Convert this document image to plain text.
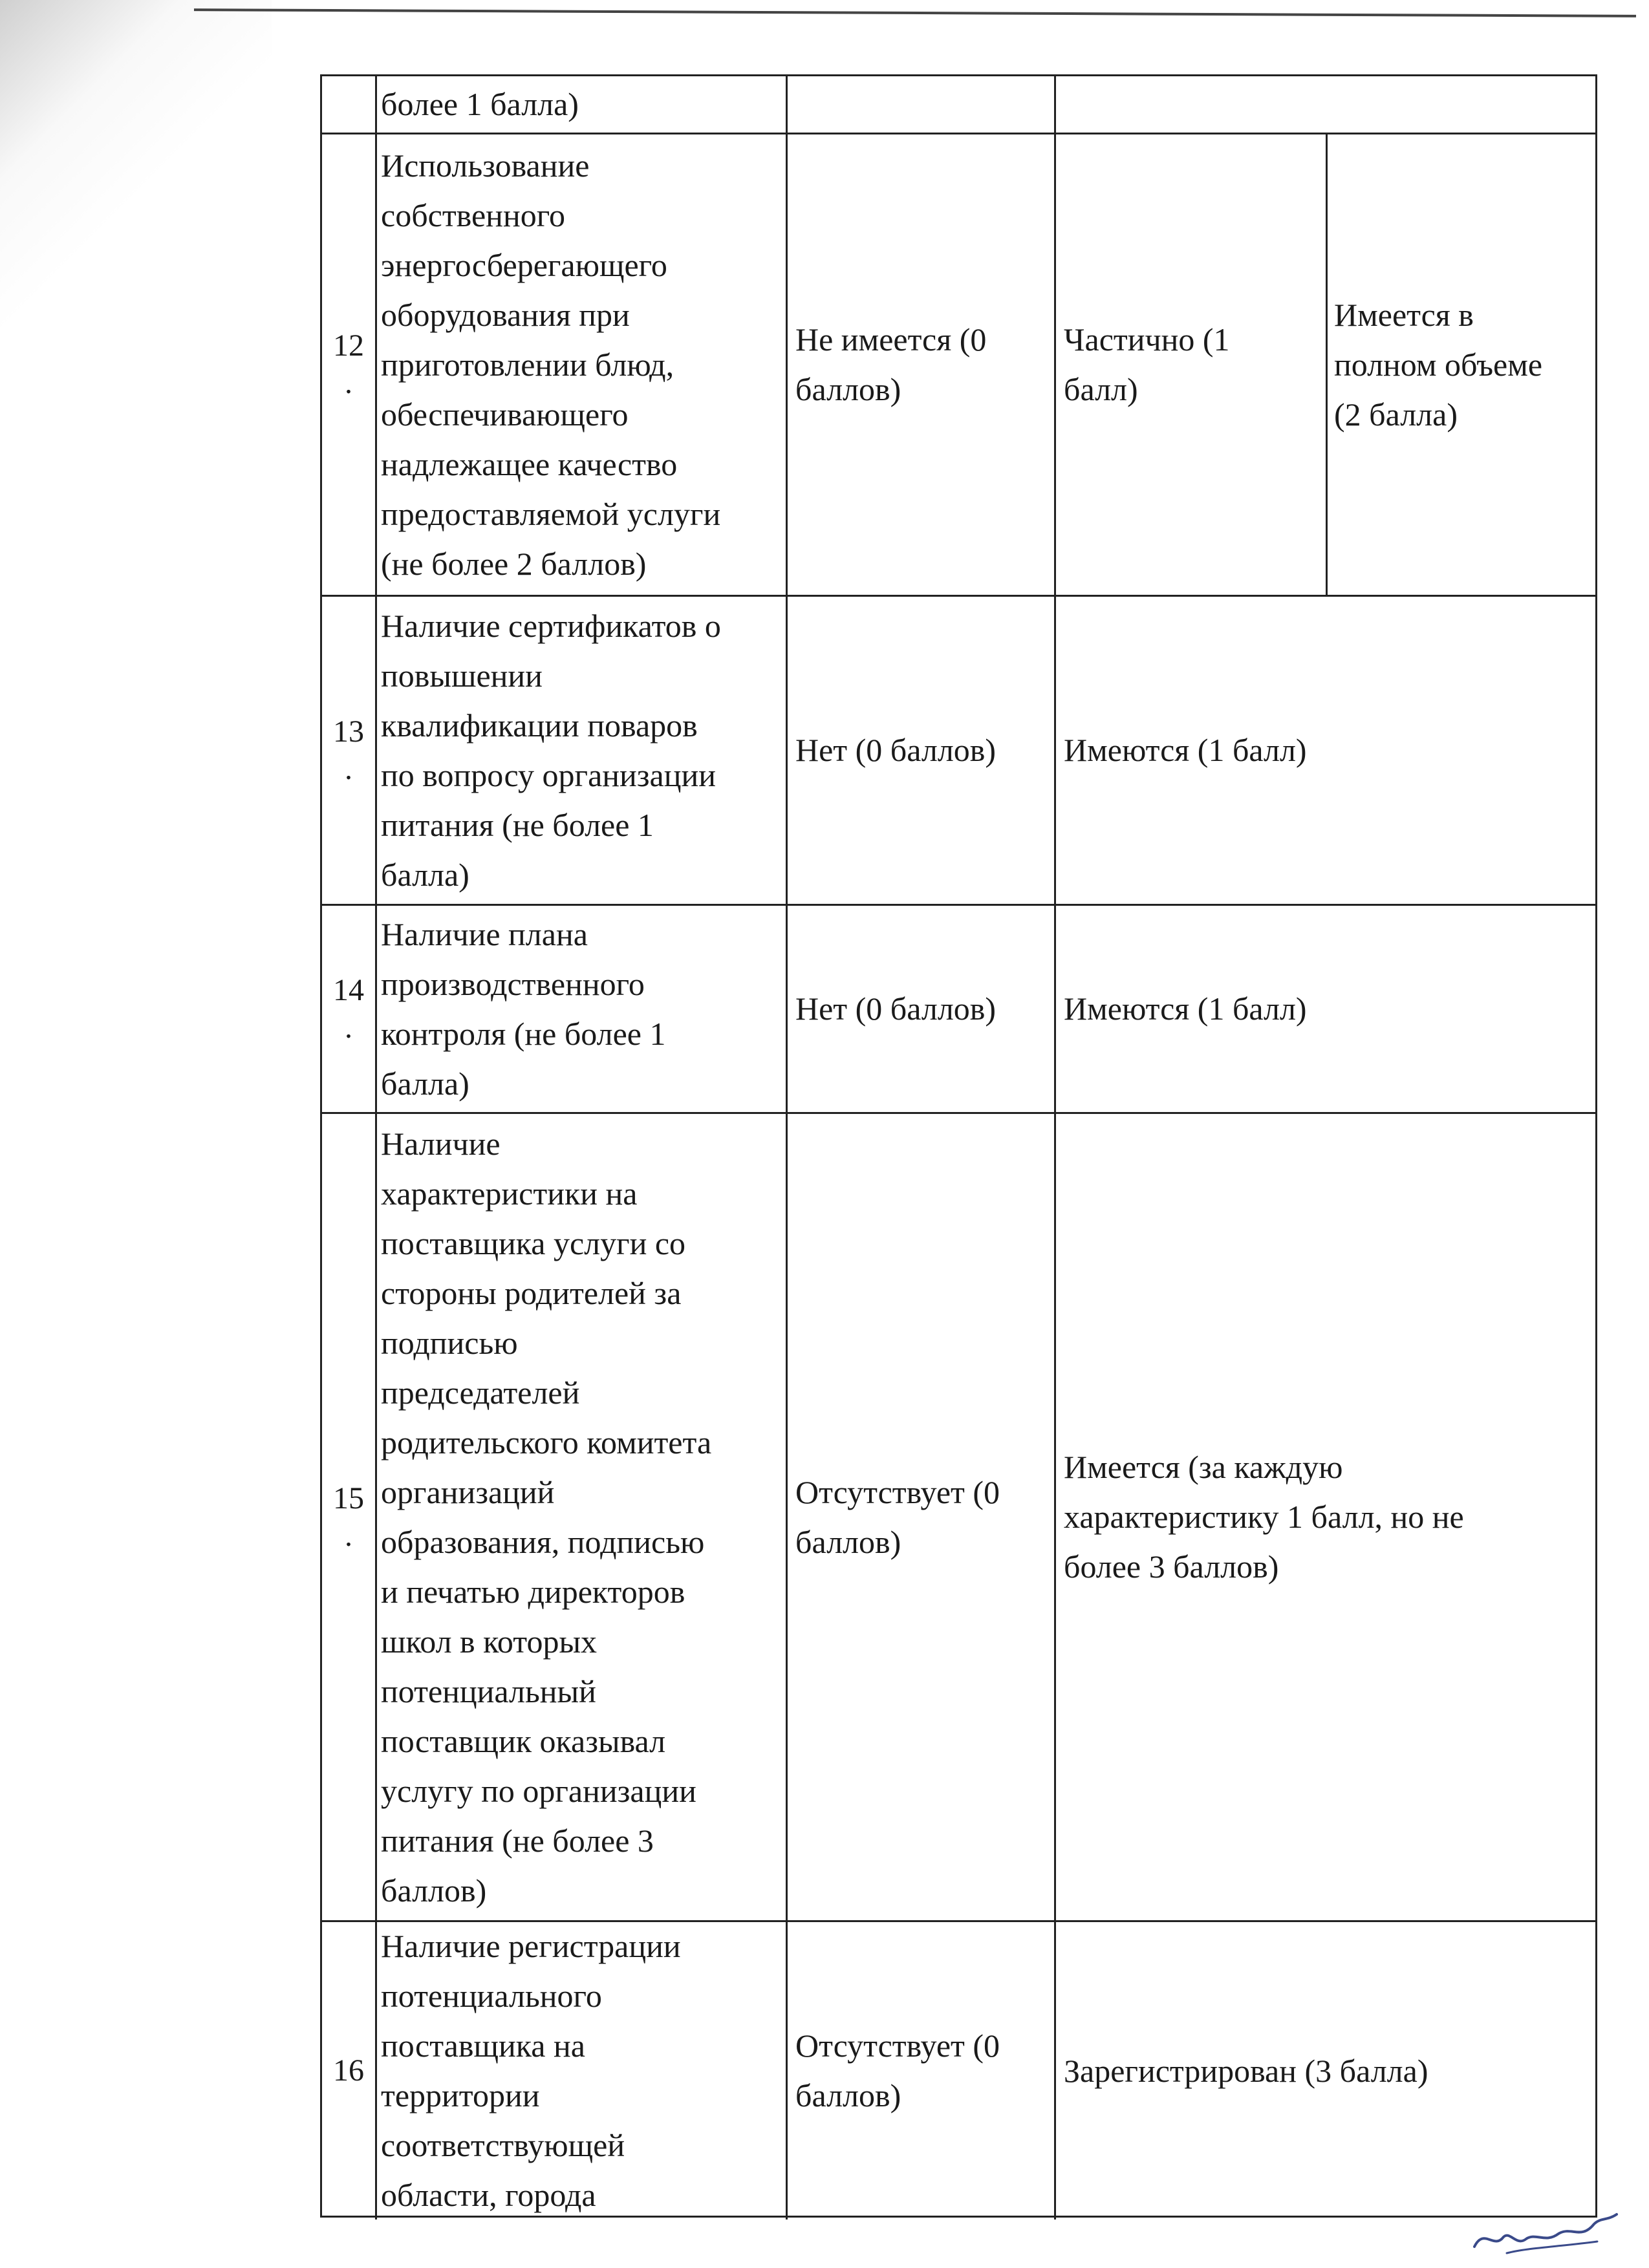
более 1 балла)
12
.
Использование
собственного
энергосберегающего
оборудования при
приготовлении блюд,
обеспечивающего
надлежащее качество
предоставляемой услуги
(не более 2 баллов)
Не имеется (0
баллов)
Частично (1
балл)
Имеется в
полном объеме
(2 балла)
13
.
Наличие сертификатов о
повышении
квалификации поваров
по вопросу организации
питания (не более 1
балла)
Нет (0 баллов) Имеются (1 балл)
14
.
Наличие плана
производственного
контроля (не более 1
балла)
Нет (0 баллов) Имеются (1 балл)
15
.
Наличие
характеристики на
поставщика услуги со
стороны родителей за
подписью
председателей
родительского комитета
организаций
образования, подписью
и печатью директоров
школ в которых
потенциальный
поставщик оказывал
услугу по организации
питания (не более 3
баллов)
Отсутствует (0
баллов)
Имеется (за каждую
характеристику 1 балл, но не
более 3 баллов)
16
Наличие регистрации
потенциального
поставщика на
территории
соответствующей
области, города
Отсутствует (0
баллов)
Зарегистрирован (3 балла)
